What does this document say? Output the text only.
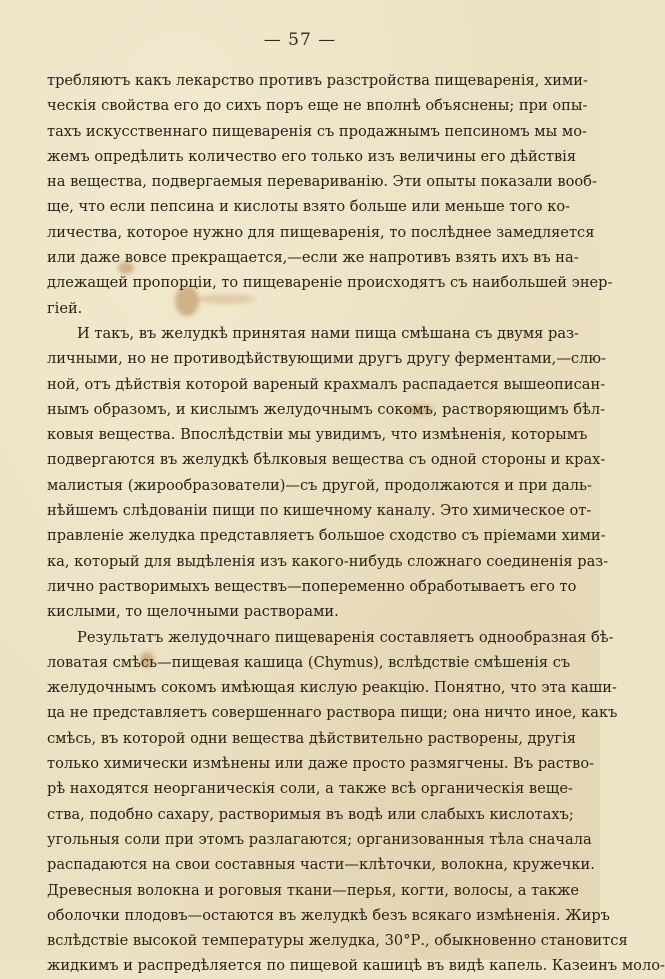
— 57 —
требляютъ какъ лекарство противъ разстройства пищеваренія, хими-
ческія свойства его до сихъ поръ еще не вполнѣ объяснены; при опы-
тахъ искусственнаго пищеваренія съ продажнымъ пепсиномъ мы мо-
жемъ опредѣлить количество его только изъ величины его дѣйствія
на вещества, подвергаемыя перевариванію. Эти опыты показали вооб-
ще, что если пепсина и кислоты взято больше или меньше того ко-
личества, которое нужно для пищеваренія, то послѣднее замедляется
или даже вовсе прекращается,—если же напротивъ взять ихъ въ на-
длежащей пропорціи, то пищевареніе происходятъ съ наибольшей энер-
гіей.
И такъ, въ желудкѣ принятая нами пища смѣшана съ двумя раз-
личными, но не противодѣйствующими другъ другу ферментами,—слю-
ной, отъ дѣйствія которой вареный крахмалъ распадается вышеописан-
нымъ образомъ, и кислымъ желудочнымъ сокомъ, растворяющимъ бѣл-
ковыя вещества. Впослѣдствіи мы увидимъ, что измѣненія, которымъ
подвергаются въ желудкѣ бѣлковыя вещества съ одной стороны и крах-
малистыя (жирообразователи)—съ другой, продолжаются и при даль-
нѣйшемъ слѣдованіи пищи по кишечному каналу. Это химическое от-
правленіе желудка представляетъ большое сходство съ пріемами хими-
ка, который для выдѣленія изъ какого-нибудь сложнаго соединенія раз-
лично растворимыхъ веществъ—попеременно обработываетъ его то
кислыми, то щелочными растворами.
Результатъ желудочнаго пищеваренія составляетъ однообразная бѣ-
ловатая смѣсь—пищевая кашица (Chymus), вслѣдствіе смѣшенія съ
желудочнымъ сокомъ имѣющая кислую реакцію. Понятно, что эта каши-
ца не представляетъ совершеннаго раствора пищи; она ничто иное, какъ
смѣсь, въ которой одни вещества дѣйствительно растворены, другія
только химически измѣнены или даже просто размягчены. Въ раство-
рѣ находятся неорганическія соли, а также всѣ органическія веще-
ства, подобно сахару, растворимыя въ водѣ или слабыхъ кислотахъ;
угольныя соли при этомъ разлагаются; организованныя тѣла сначала
распадаются на свои составныя части—клѣточки, волокна, кружечки.
Древесныя волокна и роговыя ткани—перья, когти, волосы, а также
оболочки плодовъ—остаются въ желудкѣ безъ всякаго измѣненія. Жиръ
вслѣдствіе высокой температуры желудка, 30°Р., обыкновенно становится
жидкимъ и распредѣляется по пищевой кашицѣ въ видѣ капель. Казеинъ моло-
